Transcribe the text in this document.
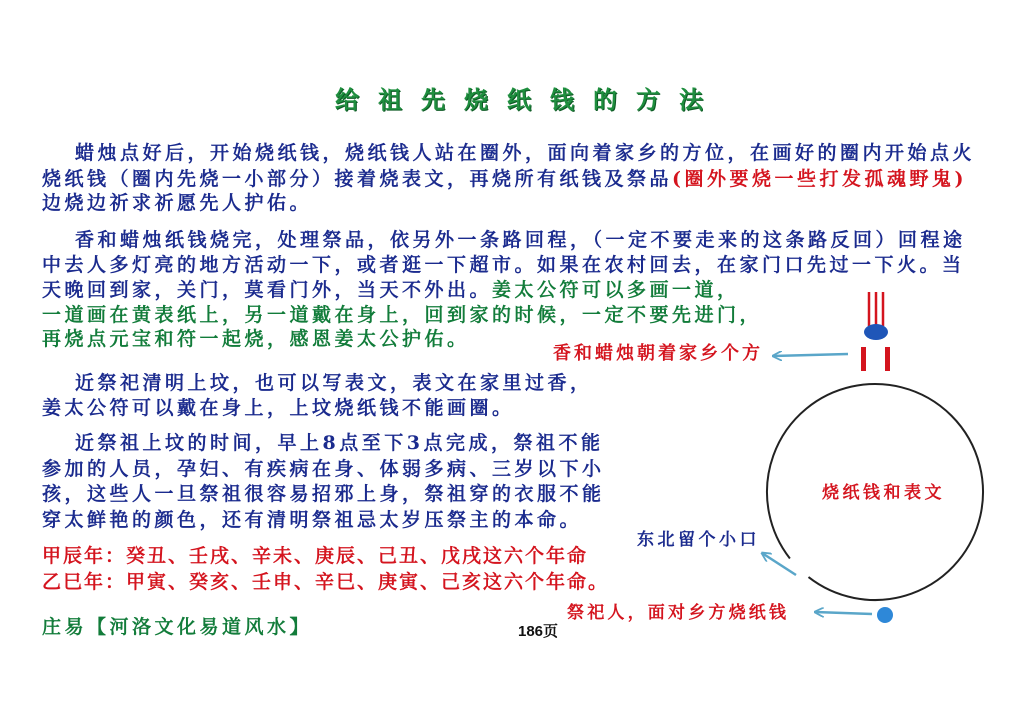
给祖先烧纸钱的方法
蜡烛点好后，开始烧纸钱，烧纸钱人站在圈外，面向着家乡的方位，在画好的圈内开始点火
烧纸钱（圈内先烧一小部分）接着烧表文，再烧所有纸钱及祭品(圈外要烧一些打发孤魂野鬼)
边烧边祈求祈愿先人护佑。
香和蜡烛纸钱烧完，处理祭品，依另外一条路回程，（一定不要走来的这条路反回）回程途
中去人多灯亮的地方活动一下，或者逛一下超市。如果在农村回去，在家门口先过一下火。当
天晚回到家，关门，莫看门外，当天不外出。姜太公符可以多画一道，
一道画在黄表纸上，另一道戴在身上，回到家的时候，一定不要先进门，
再烧点元宝和符一起烧，感恩姜太公护佑。
近祭祀清明上坟，也可以写表文，表文在家里过香，
姜太公符可以戴在身上，上坟烧纸钱不能画圈。
近祭祖上坟的时间，早上8点至下3点完成，祭祖不能
参加的人员，孕妇、有疾病在身、体弱多病、三岁以下小
孩，这些人一旦祭祖很容易招邪上身，祭祖穿的衣服不能
穿太鲜艳的颜色，还有清明祭祖忌太岁压祭主的本命。
甲辰年：癸丑、壬戌、辛未、庚辰、己丑、戊戌这六个年命
乙巳年：甲寅、癸亥、壬申、辛巳、庚寅、己亥这六个年命。
庄易【河洛文化易道风水】	186页
香和蜡烛朝着家乡个方
烧纸钱和表文
东北留个小口
祭祀人，面对乡方烧纸钱
